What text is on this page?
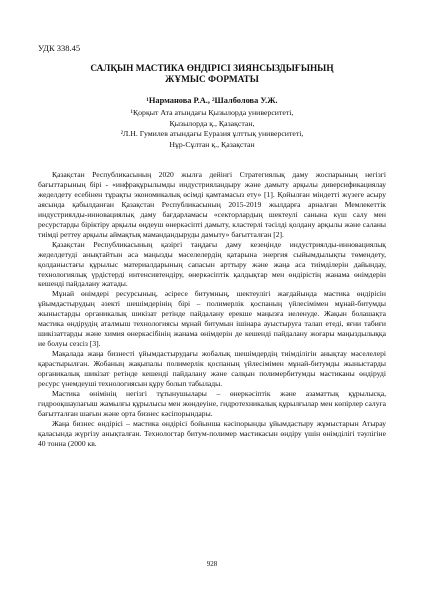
УДК 338.45
САЛҚЫН МАСТИКА ӨНДІРІСІ ЗИЯНСЫЗДЫҒЫНЫҢ
ЖҰМЫС ФОРМАТЫ
¹Нарманова Р.А., ²Шалболова У.Ж.
¹Қорқыт Ата атындағы Қызылорда университеті,
Қызылорда қ., Қазақстан,
²Л.Н. Гумилев атындағы Еуразия ұлттық университеті,
Нұр-Сұлтан қ., Қазақстан

Қазақстан Республикасының 2020 жылға дейінгі Стратегиялық даму жоспарының негізгі бағыттарының бірі - «инфрақұрылымды индустрияландыру және дамыту арқылы диверсификациялау жеделдету есебінен тұрақты экономикалық өсімді қамтамасыз ету» [1]. Қойылған міндетті жүзеге асыру аясында қабылданған Қазақстан Республикасының 2015-2019 жылдарға арналған Мемлекеттік индустриялды-инновациялық даму бағдарламасы «секторлардың шектеулі санына күш салу мен ресурстарды біріктіру арқылы өңдеуш өнеркәсіпті дамыту, кластерлі тәсілді қолдану арқылы және саланы тиімді реттеу арқылы аймақтық мамандандыруды дамыту» бағытталған [2].

Қазақстан Республикасының қазіргі таңдағы даму кезеңінде индустриялды-инновациялық жеделдетуді анықтайтын аса маңызды мәселелердің қатарына энергия сыйымдылықты төмендету, қолданыстағы құрылыс материалдарының сапасын арттыру және жаңа аса тиімділерін дайындау, технологиялық үрдістерді интенсивтендіру, өнеркәсіптік қалдықтар мен өндірістің жанама өнімдерін кешенді пайдалану жатады.

Мұнай өнімдері ресурсының, әсіресе битумның, шектеулігі жағдайында мастика өндірісін ұйымдастырудың әзекті шешімдерінің бірі – полимерлік қоспаның үйлесімімен мұнай-битумды жыныстарды органикалық шикізат ретінде пайдалану ерекше маңызға иеленуде. Жақын болашақта мастика өндірудің аталмыш технологиясы мұнай битумын ішінара ауыстыруға талап етеді, яғни табиғи шикізаттарды және химия өнеркәсібінің жанама өнімдерін де кешенді пайдалану жоғары маңыздылыққа ие болуы сезсіз [3].

Мақалада жаңа бизнесті ұйымдастырудағы жобалық шешімдердің тиімділігін анықтау мәселелері қарастырылған. Жобаның жақыпалы полимерлік қоспаның үйлесімімен мұнай-битумды жыныстарды органикалық шикізат ретінде кешенді пайдалану және салқын полимербитумды мастиканы өндіруді ресурс үнемдеуші технологиясын құру болып табылады.

Мастика өнімінің негізгі тұтынушылары – өнеркәсіптік және азаматтық құрылысқа, гидрооқшаулағыш жамылғы құрылысы мен жөндеуіне, гидротехникалық құрылғылар мен көпірлер салуға бағытталған шағын және орта бизнес кәсіпорындары.

Жаңа бизнес өндірісі – мастика өндірісі бойынша кәсіпорынды ұйымдастыру жұмыстарын Атырау қаласында жүргізу анықталған. Технологтар битум-полимер мастикасын өндіру үшін өнімділігі тәулігіне 40 тонна (2000 кв.

928
